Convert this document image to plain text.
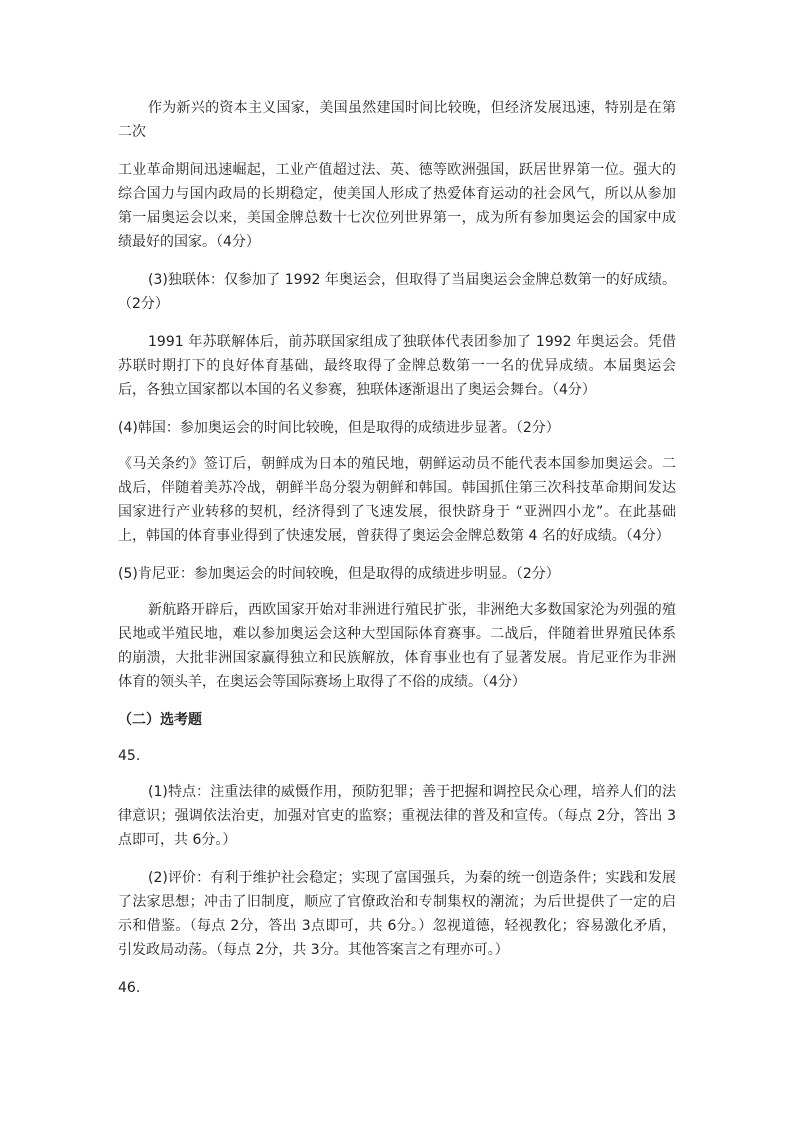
作为新兴的资本主义国家，美国虽然建国时间比较晚，但经济发展迅速，特别是在第二次

工业革命期间迅速崛起，工业产值超过法、英、德等欧洲强国，跃居世界第一位。强大的综合国力与国内政局的长期稳定，使美国人形成了热爱体育运动的社会风气，所以从参加第一届奥运会以来，美国金牌总数十七次位列世界第一，成为所有参加奥运会的国家中成绩最好的国家。（4分）

(3)独联体：仅参加了 1992 年奥运会，但取得了当届奥运会金牌总数第一的好成绩。（2分）

1991 年苏联解体后，前苏联国家组成了独联体代表团参加了 1992 年奥运会。凭借苏联时期打下的良好体育基础，最终取得了金牌总数第一一名的优异成绩。本届奥运会后，各独立国家都以本国的名义参赛，独联体逐渐退出了奥运会舞台。（4分）

(4)韩国：参加奥运会的时间比较晚，但是取得的成绩进步显著。（2分）

《马关条约》签订后，朝鲜成为日本的殖民地，朝鲜运动员不能代表本国参加奥运会。二战后，伴随着美苏冷战，朝鲜半岛分裂为朝鲜和韩国。韩国抓住第三次科技革命期间发达国家进行产业转移的契机，经济得到了飞速发展，很快跻身于 “亚洲四小龙”。在此基础上，韩国的体育事业得到了快速发展，曾获得了奥运会金牌总数第 4 名的好成绩。（4分）

(5)肯尼亚：参加奥运会的时间较晚，但是取得的成绩进步明显。（2分）

新航路开辟后，西欧国家开始对非洲进行殖民扩张，非洲绝大多数国家沦为列强的殖民地或半殖民地，难以参加奥运会这种大型国际体育赛事。二战后，伴随着世界殖民体系的崩溃，大批非洲国家赢得独立和民族解放，体育事业也有了显著发展。肯尼亚作为非洲体育的领头羊，在奥运会等国际赛场上取得了不俗的成绩。（4分）

（二）选考题

45.

(1)特点：注重法律的威慑作用，预防犯罪；善于把握和调控民众心理，培养人们的法律意识；强调依法治吏，加强对官吏的监察；重视法律的普及和宣传。（每点 2分，答出 3点即可，共 6分。）

(2)评价：有利于维护社会稳定；实现了富国强兵，为秦的统一创造条件；实践和发展了法家思想；冲击了旧制度，顺应了官僚政治和专制集权的潮流；为后世提供了一定的启示和借鉴。（每点 2分，答出 3点即可，共 6分。）忽视道德，轻视教化；容易激化矛盾，引发政局动荡。（每点 2分，共 3分。其他答案言之有理亦可。）

46.
